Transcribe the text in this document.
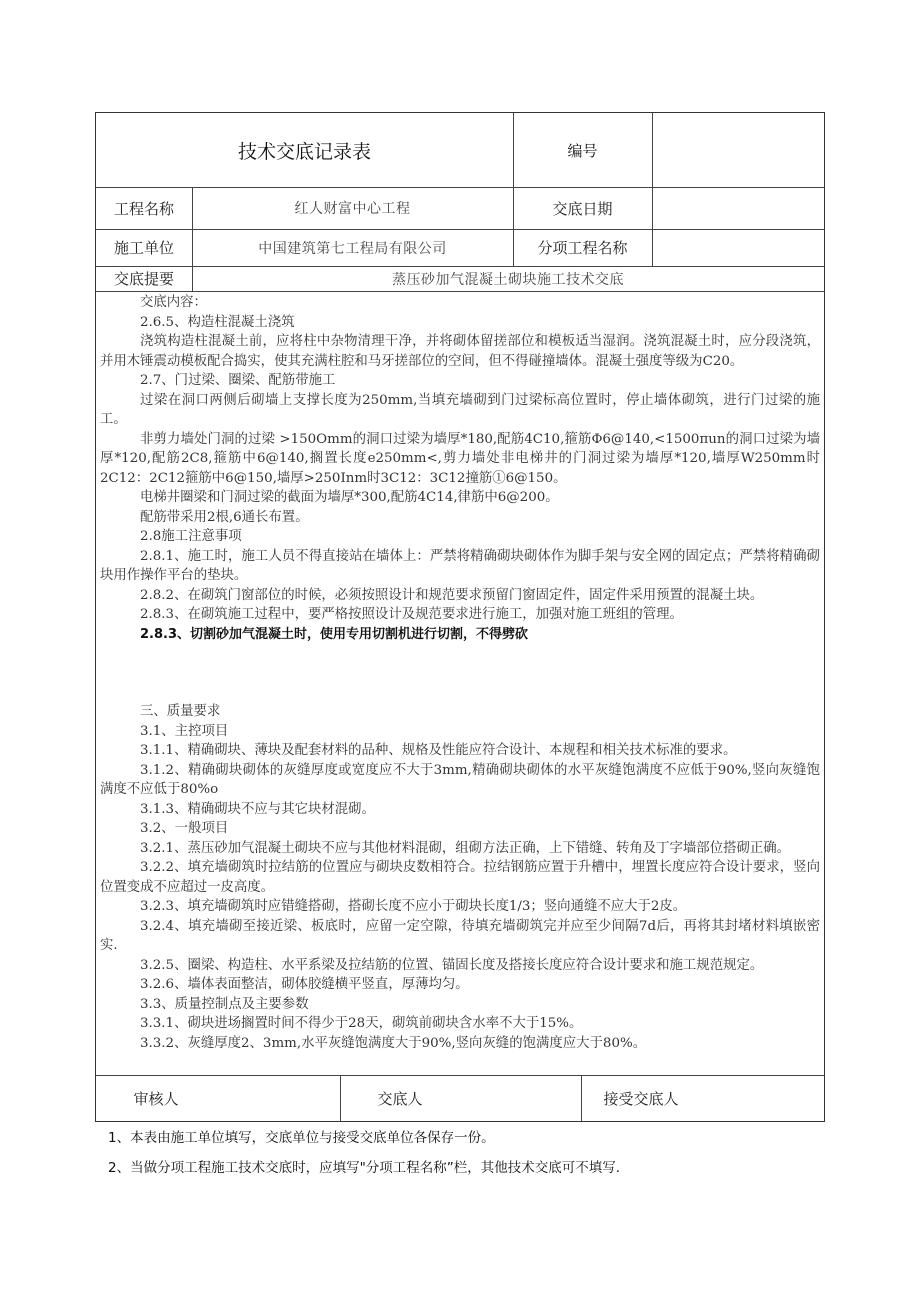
技术交底记录表	编号
工程名称	红人财富中心工程	交底日期
施工单位	中国建筑第七工程局有限公司	分项工程名称
交底提要	蒸压砂加气混凝土砌块施工技术交底

交底内容：

2.6.5、构造柱混凝土浇筑

浇筑构造柱混凝土前，应将柱中杂物清理干净，并将砌体留搓部位和模板适当湿润。浇筑混凝土时，应分段浇筑，并用木锤震动模板配合捣实，使其充满柱腔和马牙搓部位的空间，但不得碰撞墙体。混凝土强度等级为C20。

2.7、门过梁、圈梁、配筋带施工

过梁在洞口两侧后砌墙上支撑长度为250mm,当填充墙砌到门过梁标高位置时，停止墙体砌筑，进行门过梁的施工。

非剪力墙处门洞的过梁 >150Omm的洞口过梁为墙厚*180,配筋4C10,箍筋Φ6@140,<1500πun的洞口过梁为墙厚*120,配筋2C8,箍筋中6@140,搁置长度e250mm<,剪力墙处非电梯井的门洞过梁为墙厚*120,墙厚W250mm时2C12：2C12箍筋中6@150,墙厚>250Inm时3C12：3C12撞筋①6@150。

电梯井圈梁和门洞过梁的截面为墙厚*300,配筋4C14,律筋中6@200。

配筋带采用2根,6通长布置。

2.8施工注意事项

2.8.1、施工时，施工人员不得直接站在墙体上：严禁将精确砌块砌体作为脚手架与安全网的固定点；严禁将精确砌块用作操作平台的垫块。

2.8.2、在砌筑门窗部位的时候，必须按照设计和规范要求预留门窗固定件，固定件采用预置的混凝土块。

2.8.3、在砌筑施工过程中，要严格按照设计及规范要求进行施工，加强对施工班组的管理。

2.8.3、切割砂加气混凝土时，使用专用切割机进行切割，不得劈砍

三、质量要求

3.1、主控项目

3.1.1、精确砌块、薄块及配套材料的品种、规格及性能应符合设计、本规程和相关技术标准的要求。

3.1.2、精确砌块砌体的灰缝厚度或宽度应不大于3mm,精确砌块砌体的水平灰缝饱满度不应低于90%,竖向灰缝饱满度不应低于80%o

3.1.3、精确砌块不应与其它块材混砌。

3.2、一般项目

3.2.1、蒸压砂加气混凝土砌块不应与其他材料混砌，组砌方法正确，上下错缝、转角及丁字墙部位搭砌正确。

3.2.2、填充墙砌筑时拉结筋的位置应与砌块皮数相符合。拉结钢筋应置于升槽中，埋置长度应符合设计要求，竖向位置变成不应超过一皮高度。

3.2.3、填充墙砌筑时应错缝搭砌，搭砌长度不应小于砌块长度1/3；竖向通缝不应大于2皮。

3.2.4、填充墙砌至接近梁、板底时，应留一定空隙，待填充墙砌筑完并应至少间隔7d后，再将其封堵材料填嵌密实.

3.2.5、圈梁、构造柱、水平系梁及拉结筋的位置、锚固长度及搭接长度应符合设计要求和施工规范规定。

3.2.6、墙体表面整洁，砌体胶缝横平竖直，厚薄均匀。

3.3、质量控制点及主要参数

3.3.1、砌块进场搁置时间不得少于28天，砌筑前砌块含水率不大于15%。

3.3.2、灰缝厚度2、3mm,水平灰缝饱满度大于90%,竖向灰缝的饱满度应大于80%。

审核人	交底人	接受交底人
1、本表由施工单位填写，交底单位与接受交底单位各保存一份。
2、当做分项工程施工技术交底时，应填写"分项工程名称”栏，其他技术交底可不填写.
